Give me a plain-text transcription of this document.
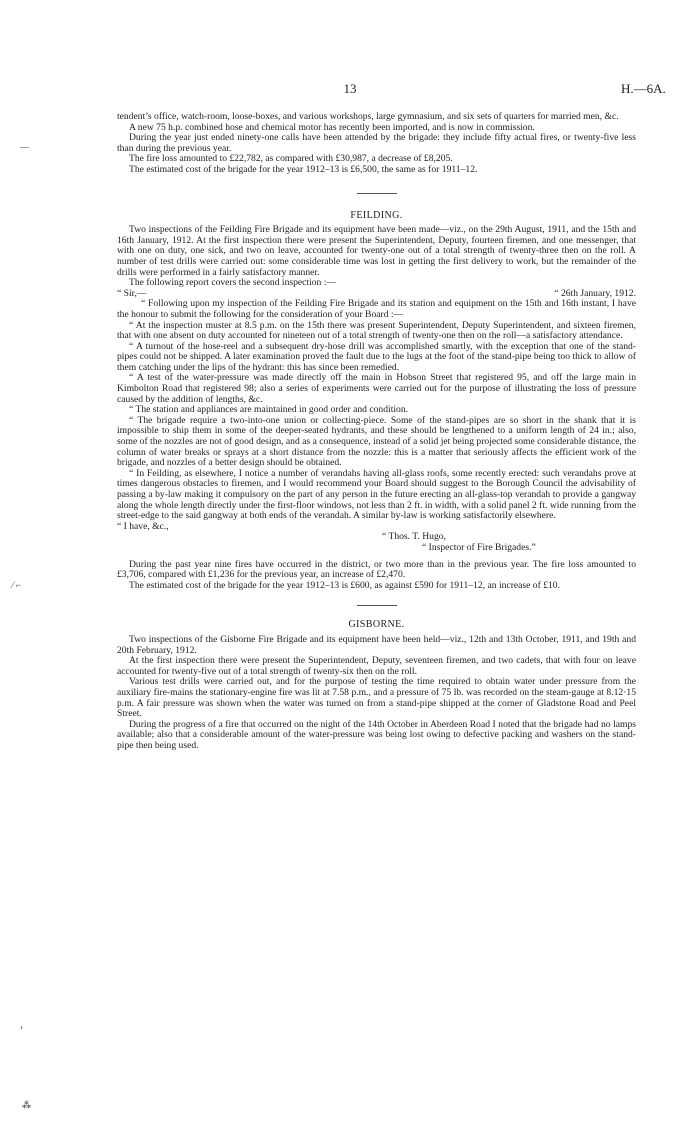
13	H.—6A.
—
⁄ ⌐
›
⁂

tendent’s office, watch-room, loose-boxes, and various workshops, large gymnasium, and six sets of quarters for married men, &c.

A new 75 h.p. combined hose and chemical motor has recently been imported, and is now in commission.

During the year just ended ninety-one calls have been attended by the brigade: they include fifty actual fires, or twenty-five less than during the previous year.

The fire loss amounted to £22,782, as compared with £30,987, a decrease of £8,205.

The estimated cost of the brigade for the year 1912–13 is £6,500, the same as for 1911–12.

FEILDING.

Two inspections of the Feilding Fire Brigade and its equipment have been made—viz., on the 29th August, 1911, and the 15th and 16th January, 1912. At the first inspection there were present the Superintendent, Deputy, fourteen firemen, and one messenger, that with one on duty, one sick, and two on leave, accounted for twenty-one out of a total strength of twenty-three then on the roll. A number of test drills were carried out: some considerable time was lost in getting the first delivery to work, but the remainder of the drills were performed in a fairly satisfactory manner.

The following report covers the second inspection :—

“ Sir,—	“ 26th January, 1912.

“ Following upon my inspection of the Feilding Fire Brigade and its station and equipment on the 15th and 16th instant, I have the honour to submit the following for the consideration of your Board :—

“ At the inspection muster at 8.5 p.m. on the 15th there was present Superintendent, Deputy Superintendent, and sixteen firemen, that with one absent on duty accounted for nineteen out of a total strength of twenty-one then on the roll—a satisfactory attendance.

“ A turnout of the hose-reel and a subsequent dry-hose drill was accomplished smartly, with the exception that one of the stand-pipes could not be shipped. A later examination proved the fault due to the lugs at the foot of the stand-pipe being too thick to allow of them catching under the lips of the hydrant: this has since been remedied.

“ A test of the water-pressure was made directly off the main in Hobson Street that registered 95, and off the large main in Kimbolton Road that registered 98; also a series of experiments were carried out for the purpose of illustrating the loss of pressure caused by the addition of lengths, &c.

“ The station and appliances are maintained in good order and condition.

“ The brigade require a two-into-one union or collecting-piece. Some of the stand-pipes are so short in the shank that it is impossible to ship them in some of the deeper-seated hydrants, and these should be lengthened to a uniform length of 24 in.; also, some of the nozzles are not of good design, and as a consequence, instead of a solid jet being projected some considerable distance, the column of water breaks or sprays at a short distance from the nozzle: this is a matter that seriously affects the efficient work of the brigade, and nozzles of a better design should be obtained.

“ In Feilding, as elsewhere, I notice a number of verandahs having all-glass roofs, some recently erected: such verandahs prove at times dangerous obstacles to firemen, and I would recommend your Board should suggest to the Borough Council the advisability of passing a by-law making it compulsory on the part of any person in the future erecting an all-glass-top verandah to provide a gangway along the whole length directly under the first-floor windows, not less than 2 ft. in width, with a solid panel 2 ft. wide running from the street-edge to the said gangway at both ends of the verandah. A similar by-law is working satisfactorily elsewhere.

“ I have, &c.,

“ Thos. T. Hugo,

“ Inspector of Fire Brigades.”

During the past year nine fires have occurred in the district, or two more than in the previous year. The fire loss amounted to £3,706, compared with £1,236 for the previous year, an increase of £2,470.

The estimated cost of the brigade for the year 1912–13 is £600, as against £590 for 1911–12, an increase of £10.

GISBORNE.

Two inspections of the Gisborne Fire Brigade and its equipment have been held—viz., 12th and 13th October, 1911, and 19th and 20th February, 1912.

At the first inspection there were present the Superintendent, Deputy, seventeen firemen, and two cadets, that with four on leave accounted for twenty-five out of a total strength of twenty-six then on the roll.

Various test drills were carried out, and for the purpose of testing the time required to obtain water under pressure from the auxiliary fire-mains the stationary-engine fire was lit at 7.58 p.m., and a pressure of 75 lb. was recorded on the steam-gauge at 8.12·15 p.m. A fair pressure was shown when the water was turned on from a stand-pipe shipped at the corner of Gladstone Road and Peel Street.

During the progress of a fire that occurred on the night of the 14th October in Aberdeen Road I noted that the brigade had no lamps available; also that a considerable amount of the water-pressure was being lost owing to defective packing and washers on the stand-pipe then being used.
